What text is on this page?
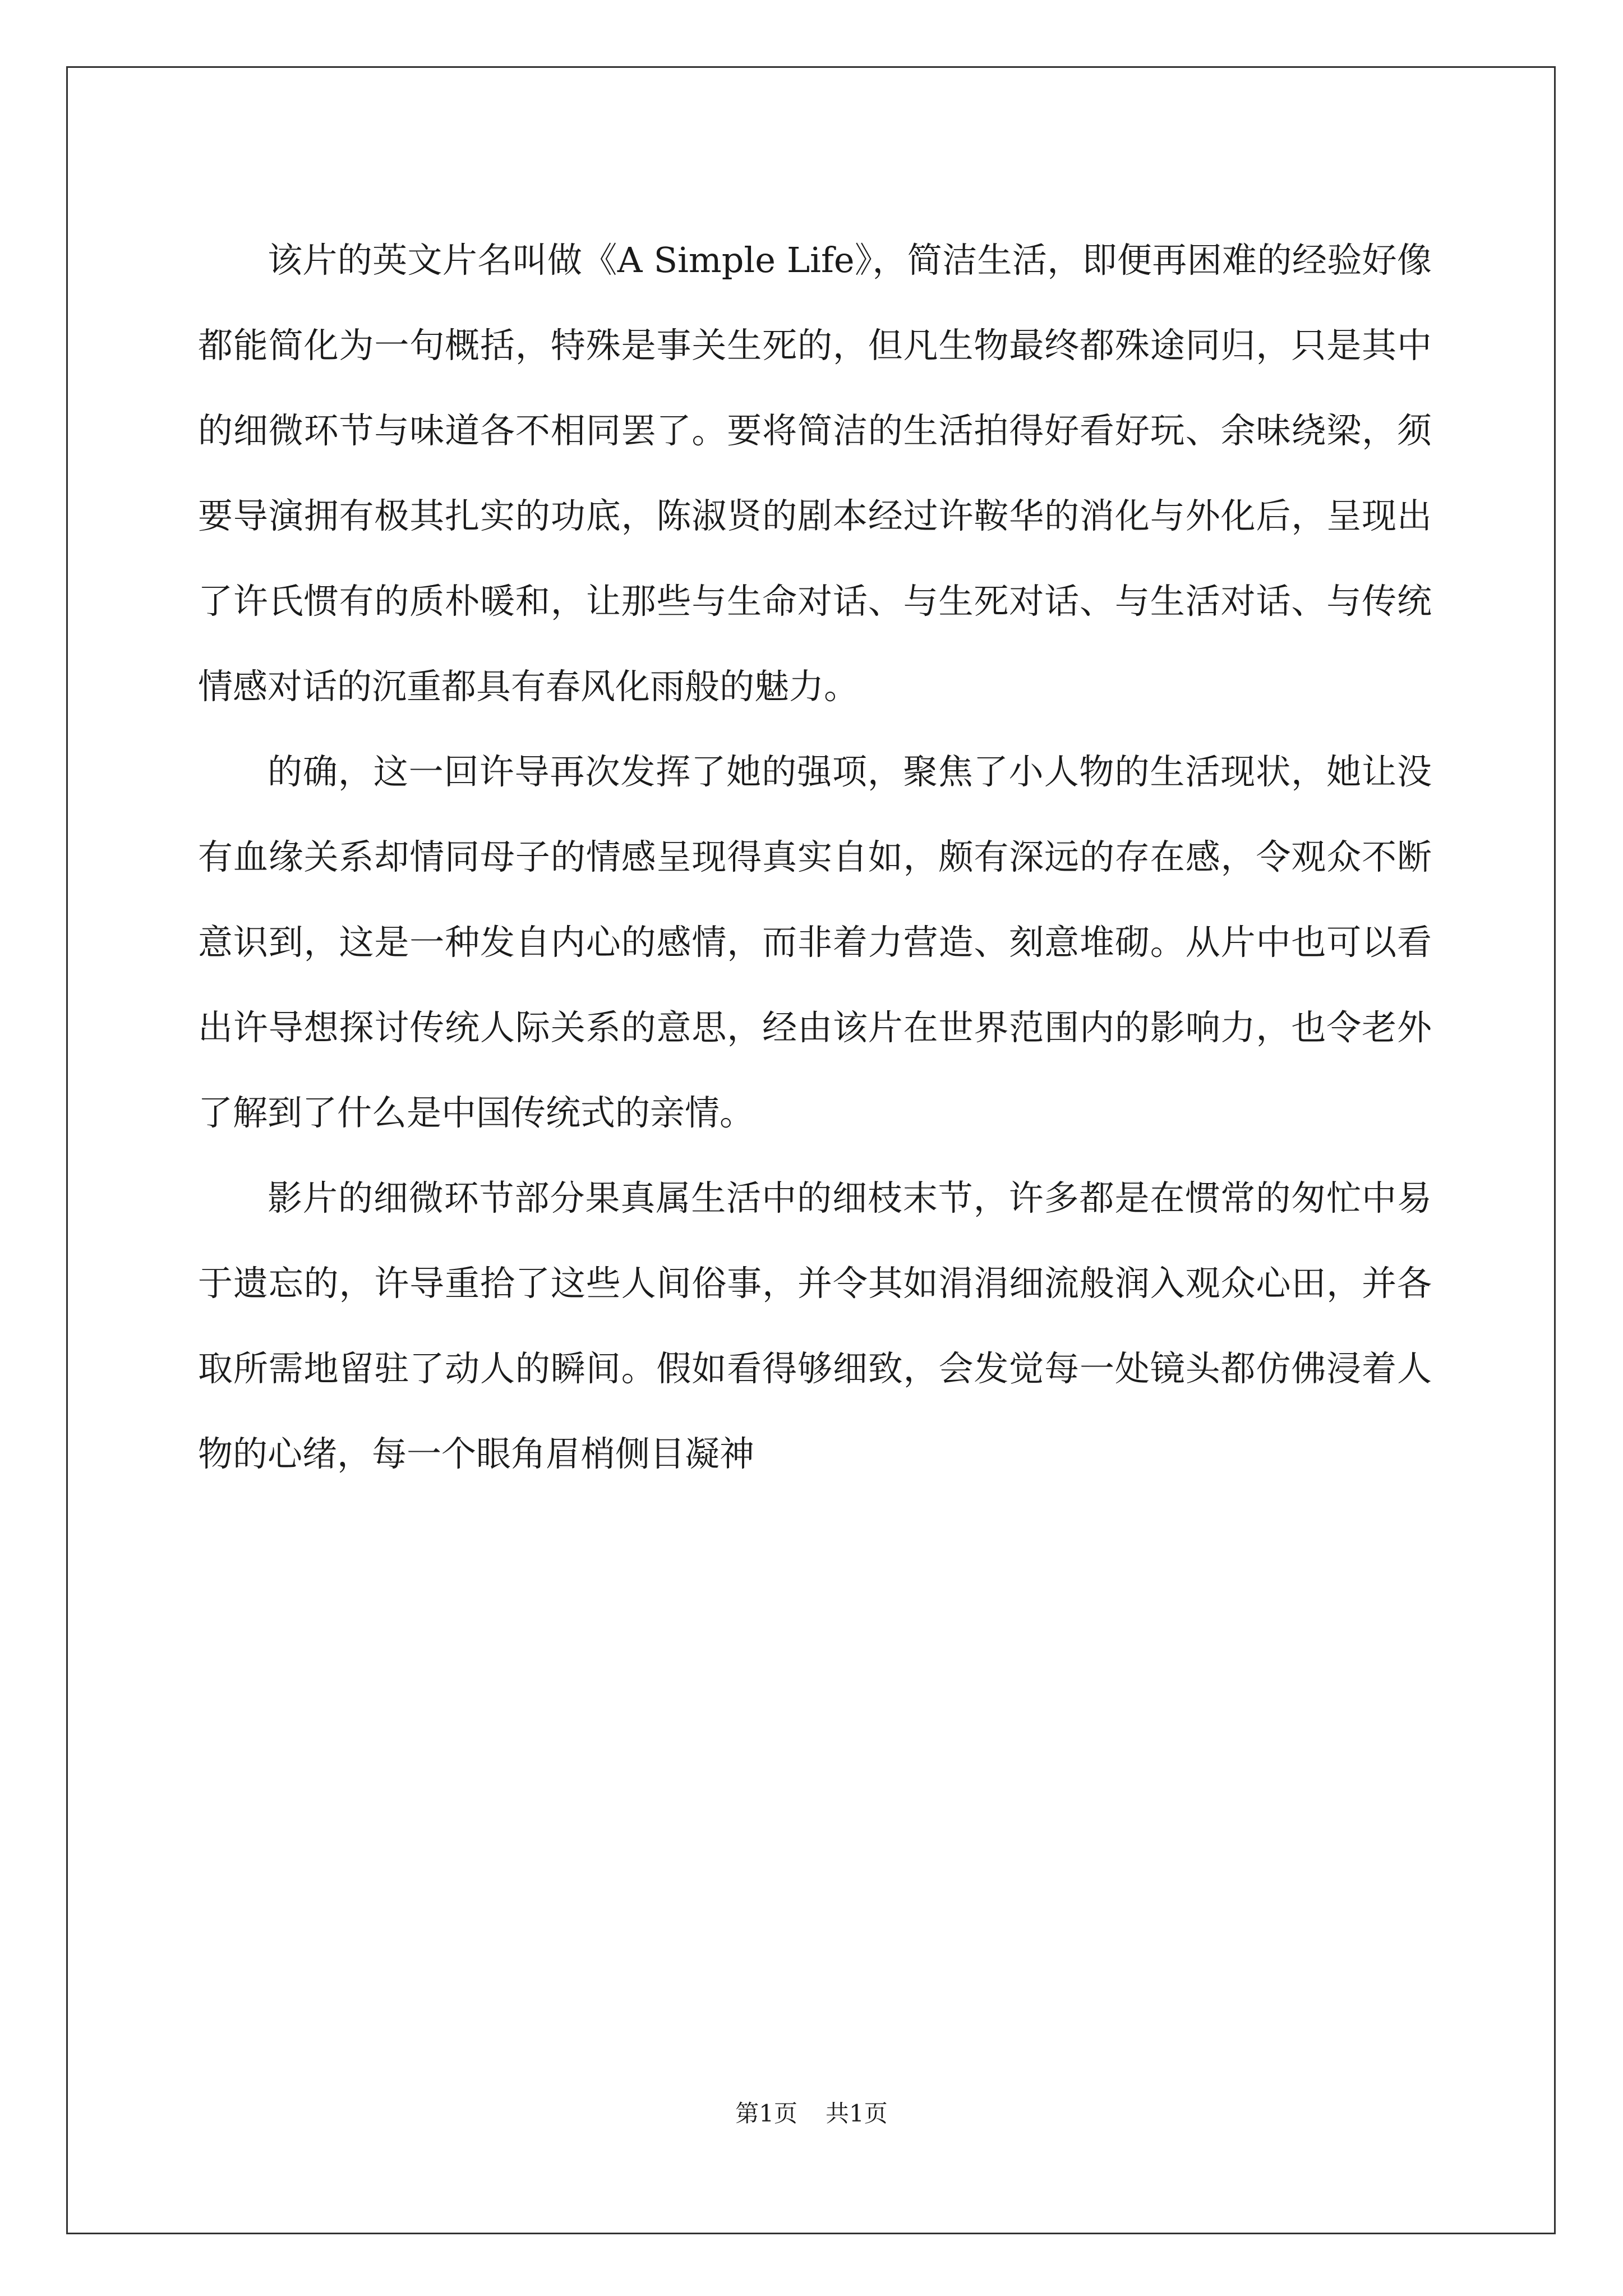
该片的英文片名叫做《A Simple Life》，简洁生活，即便再困难的经验好像都能简化为一句概括，特殊是事关生死的，但凡生物最终都殊途同归，只是其中的细微环节与味道各不相同罢了。要将简洁的生活拍得好看好玩、余味绕梁，须要导演拥有极其扎实的功底，陈淑贤的剧本经过许鞍华的消化与外化后，呈现出了许氏惯有的质朴暖和，让那些与生命对话、与生死对话、与生活对话、与传统情感对话的沉重都具有春风化雨般的魅力。

的确，这一回许导再次发挥了她的强项，聚焦了小人物的生活现状，她让没有血缘关系却情同母子的情感呈现得真实自如，颇有深远的存在感，令观众不断意识到，这是一种发自内心的感情，而非着力营造、刻意堆砌。从片中也可以看出许导想探讨传统人际关系的意思，经由该片在世界范围内的影响力，也令老外了解到了什么是中国传统式的亲情。

影片的细微环节部分果真属生活中的细枝末节，许多都是在惯常的匆忙中易于遗忘的，许导重拾了这些人间俗事，并令其如涓涓细流般润入观众心田，并各取所需地留驻了动人的瞬间。假如看得够细致，会发觉每一处镜头都仿佛浸着人物的心绪，每一个眼角眉梢侧目凝神

第1页 共1页
